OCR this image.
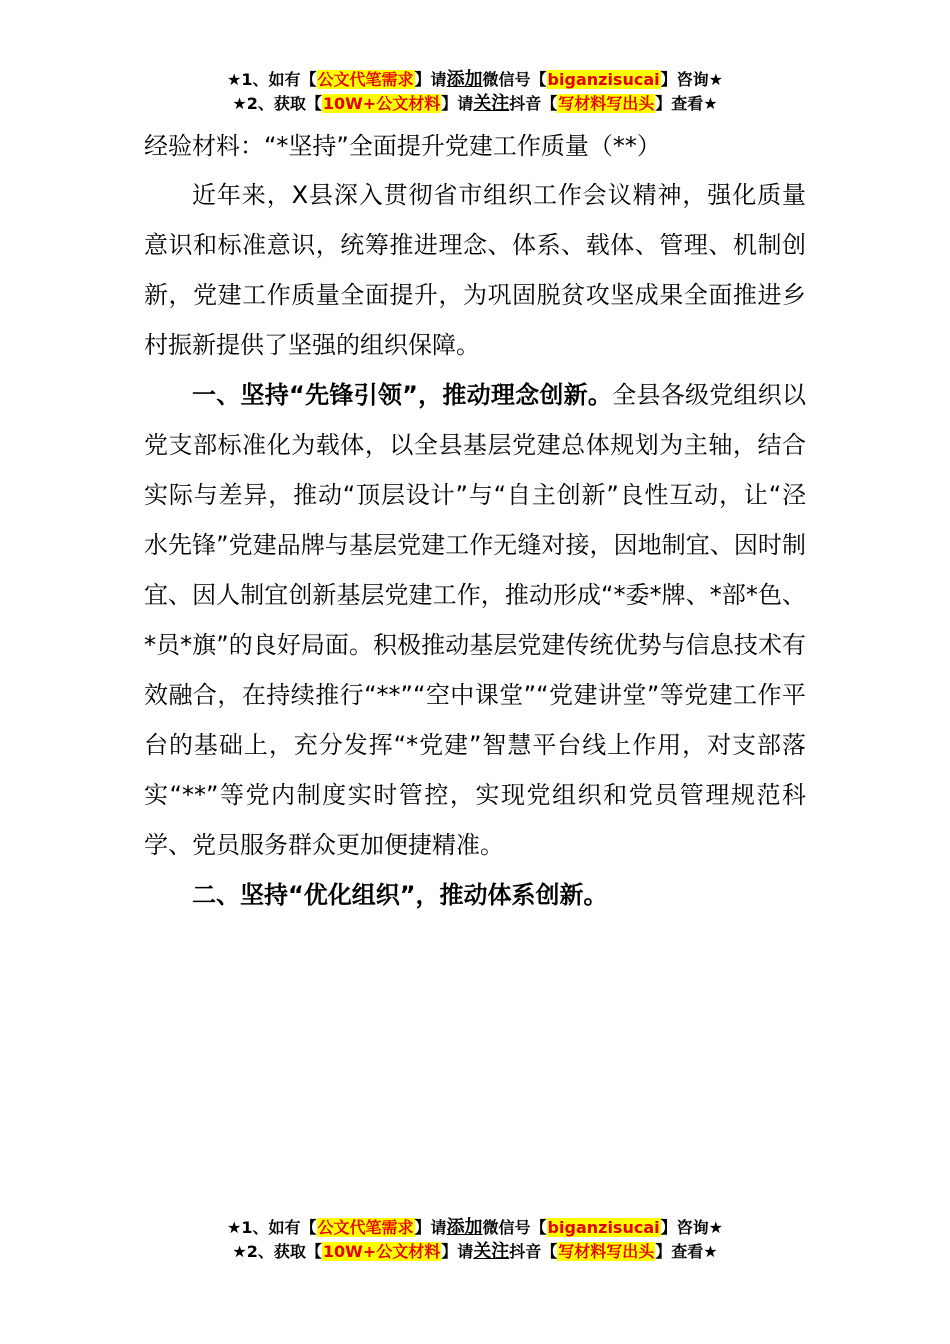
★1、如有【公文代笔需求】请添加微信号【biganzisucai】咨询★
★2、获取【10W+公文材料】请关注抖音【写材料写出头】查看★
经验材料：“*坚持”全面提升党建工作质量（**）

近年来，X县深入贯彻省市组织工作会议精神，强化质量意识和标准意识，统筹推进理念、体系、载体、管理、机制创新，党建工作质量全面提升，为巩固脱贫攻坚成果全面推进乡村振新提供了坚强的组织保障。

一、坚持“先锋引领”，推动理念创新。全县各级党组织以党支部标准化为载体，以全县基层党建总体规划为主轴，结合实际与差异，推动“顶层设计”与“自主创新”良性互动，让“泾水先锋”党建品牌与基层党建工作无缝对接，因地制宜、因时制宜、因人制宜创新基层党建工作，推动形成“*委*牌、*部*色、*员*旗”的良好局面。积极推动基层党建传统优势与信息技术有效融合，在持续推行“**”“空中课堂”“党建讲堂”等党建工作平台的基础上，充分发挥“*党建”智慧平台线上作用，对支部落实“**”等党内制度实时管控，实现党组织和党员管理规范科学、党员服务群众更加便捷精准。

二、坚持“优化组织”，推动体系创新。

★1、如有【公文代笔需求】请添加微信号【biganzisucai】咨询★
★2、获取【10W+公文材料】请关注抖音【写材料写出头】查看★
